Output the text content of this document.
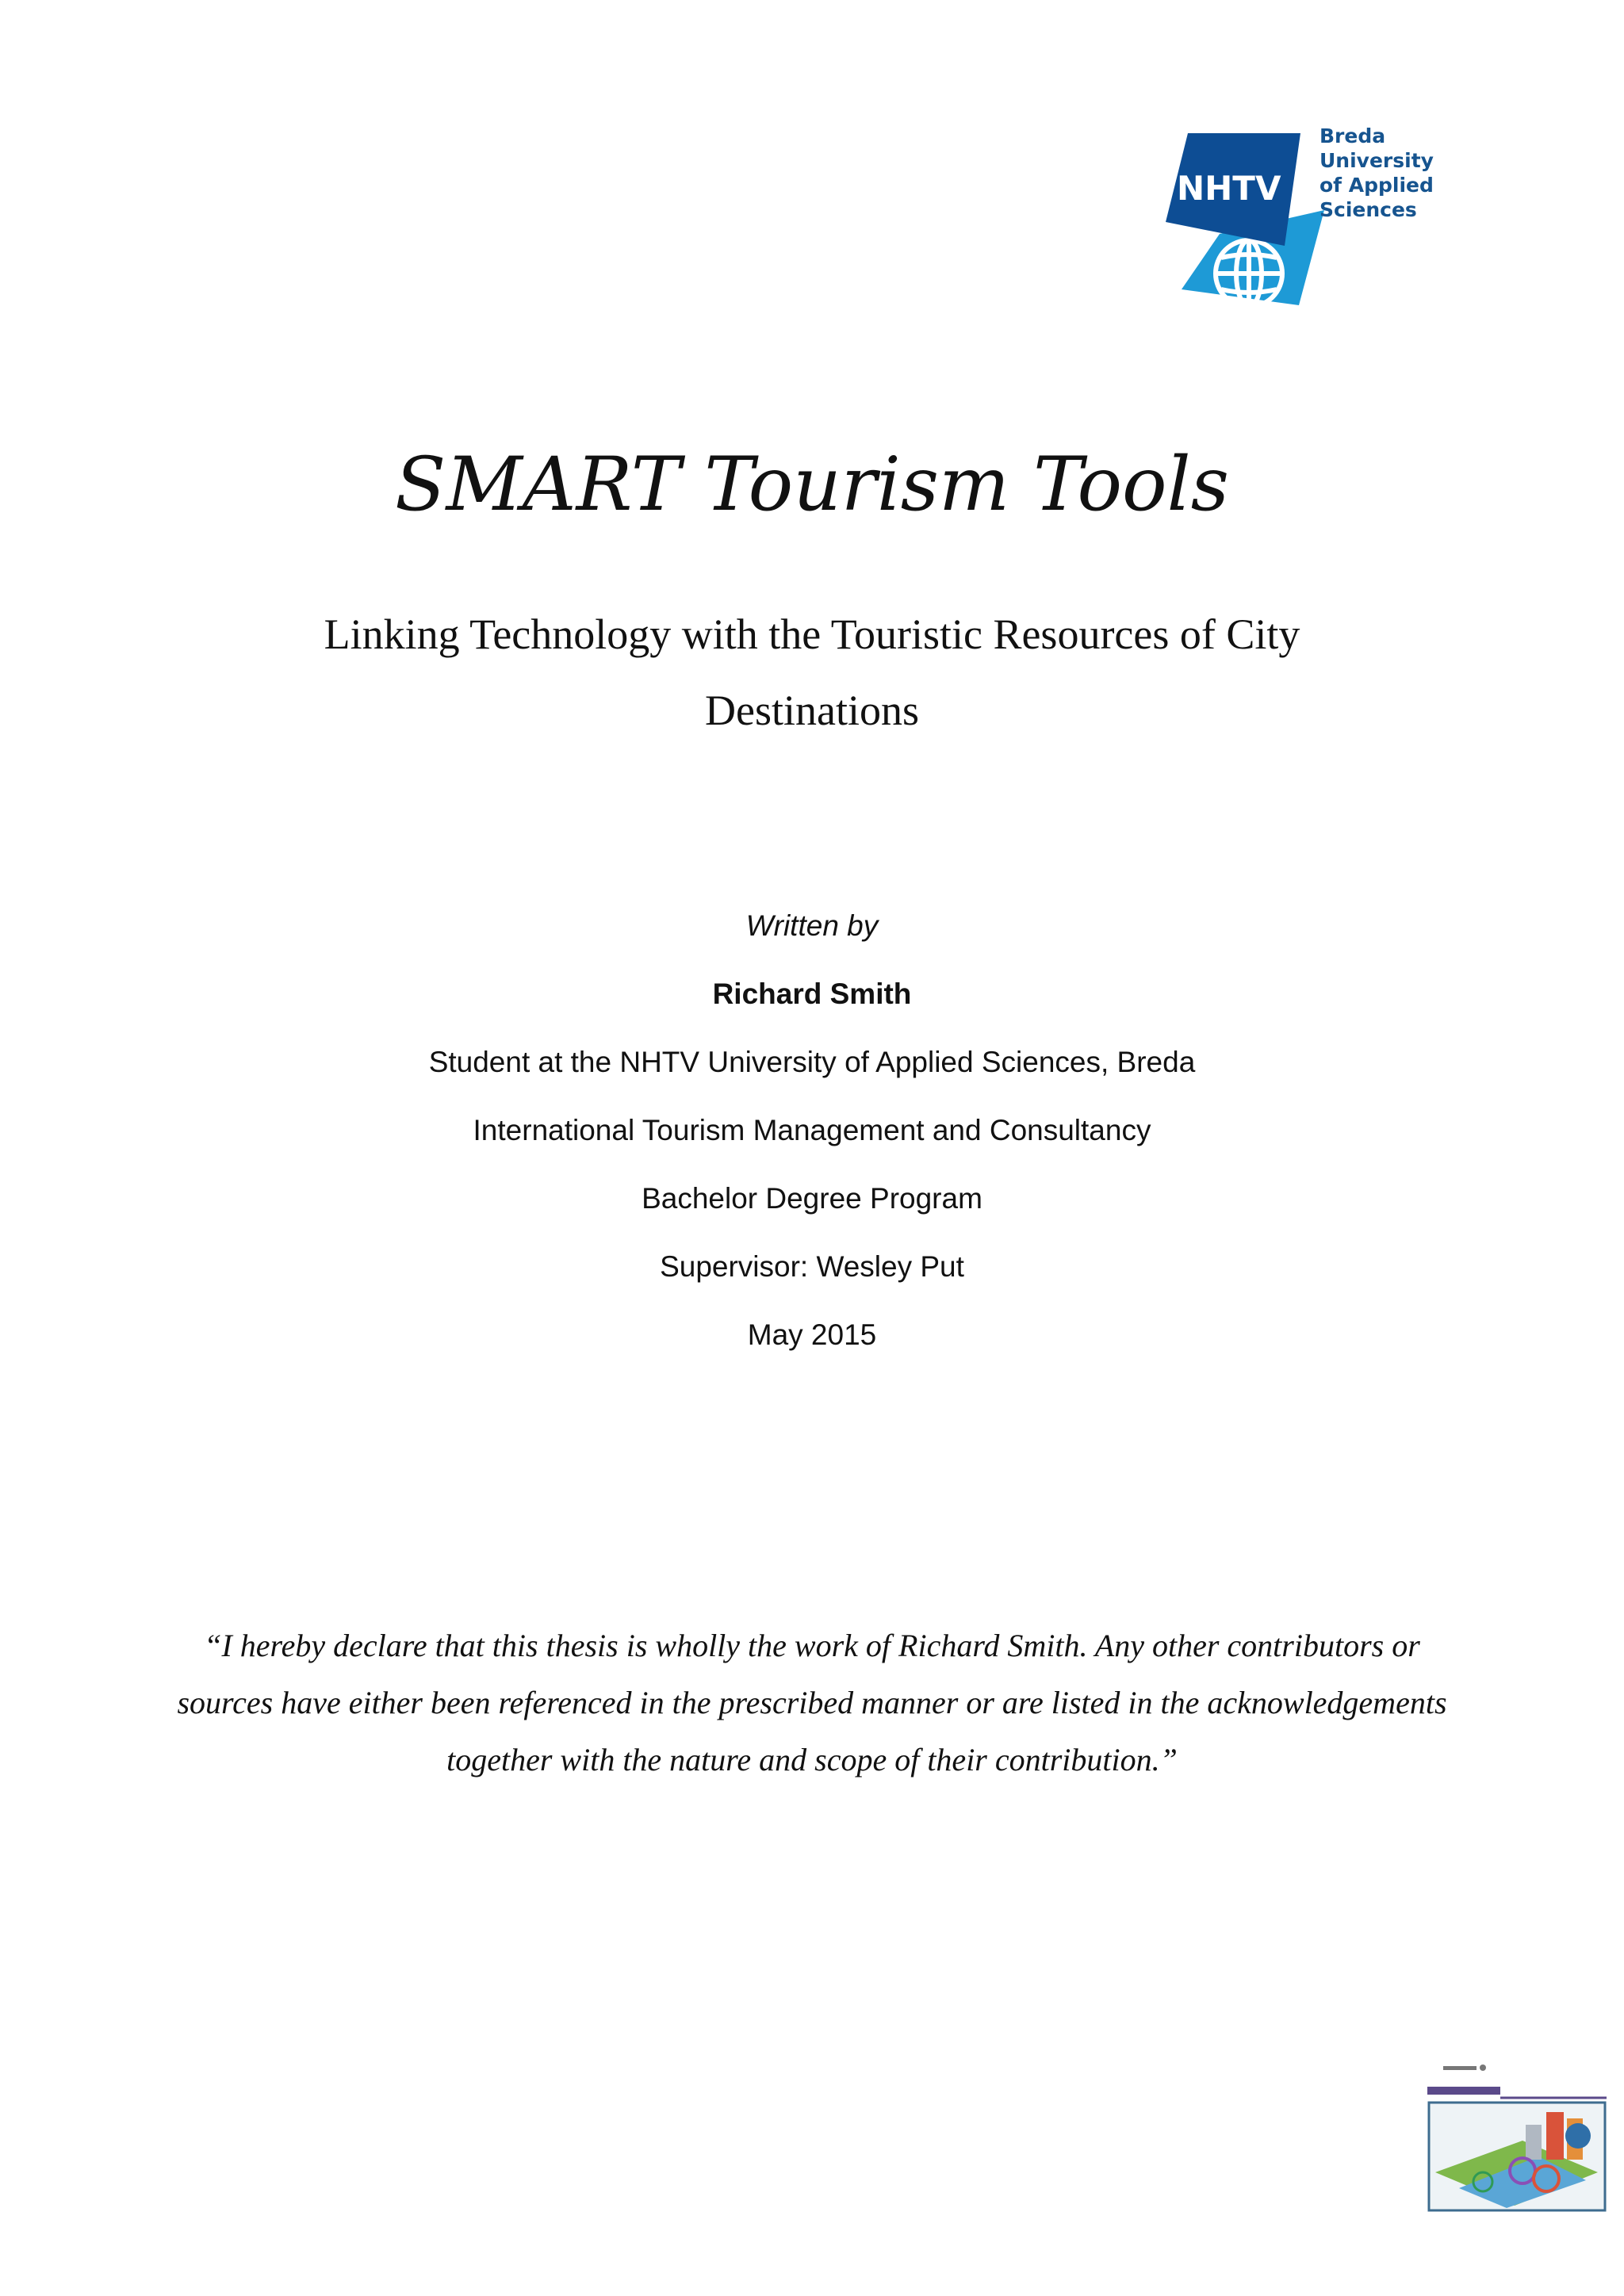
NHTV
Breda University
of Applied
Sciences
SMART Tourism Tools
Linking Technology with the Touristic Resources of City Destinations
Written by
Richard Smith
Student at the NHTV University of Applied Sciences, Breda
International Tourism Management and Consultancy
Bachelor Degree Program
Supervisor: Wesley Put
May 2015
“I hereby declare that this thesis is wholly the work of Richard Smith. Any other contributors or sources have either been referenced in the prescribed manner or are listed in the acknowledgements together with the nature and scope of their contribution.”
